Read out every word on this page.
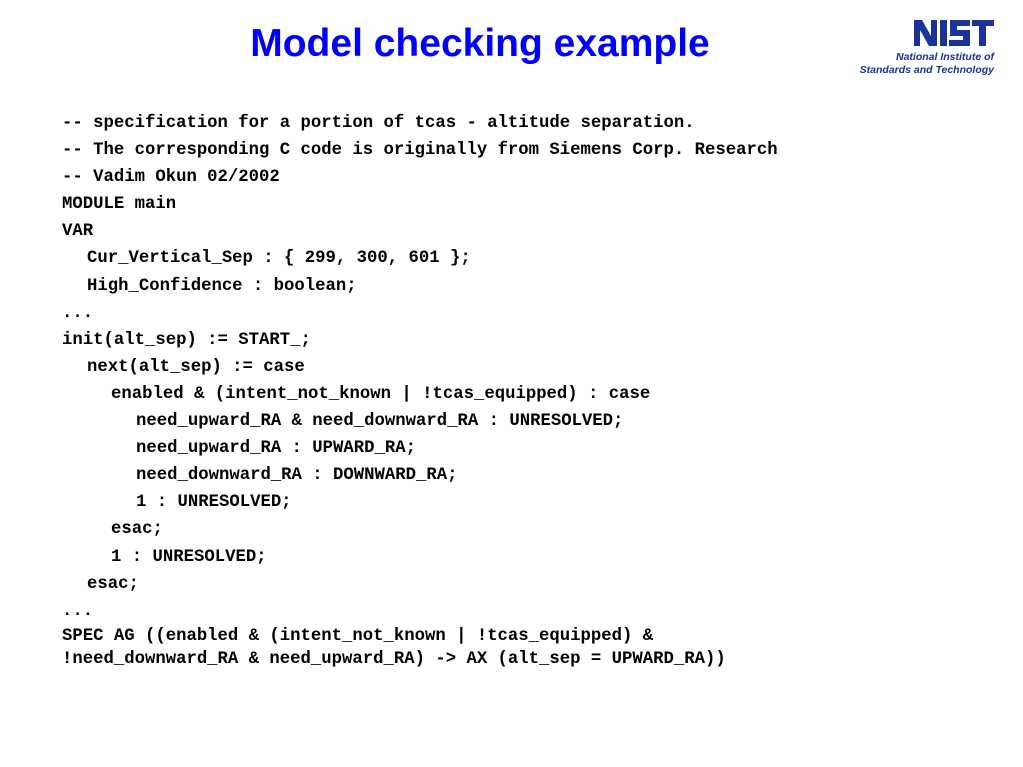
Model checking example	National Institute of
Standards and Technology
-- specification for a portion of tcas - altitude separation.
-- The corresponding C code is originally from Siemens Corp. Research
-- Vadim Okun 02/2002
MODULE main
VAR
Cur_Vertical_Sep : { 299, 300, 601 };
High_Confidence : boolean;
...
init(alt_sep) := START_;
next(alt_sep) := case
enabled & (intent_not_known | !tcas_equipped) : case
need_upward_RA & need_downward_RA : UNRESOLVED;
need_upward_RA : UPWARD_RA;
need_downward_RA : DOWNWARD_RA;
1 : UNRESOLVED;
esac;
1 : UNRESOLVED;
esac;
...
SPEC AG ((enabled & (intent_not_known | !tcas_equipped) &
!need_downward_RA & need_upward_RA) -> AX (alt_sep = UPWARD_RA))
